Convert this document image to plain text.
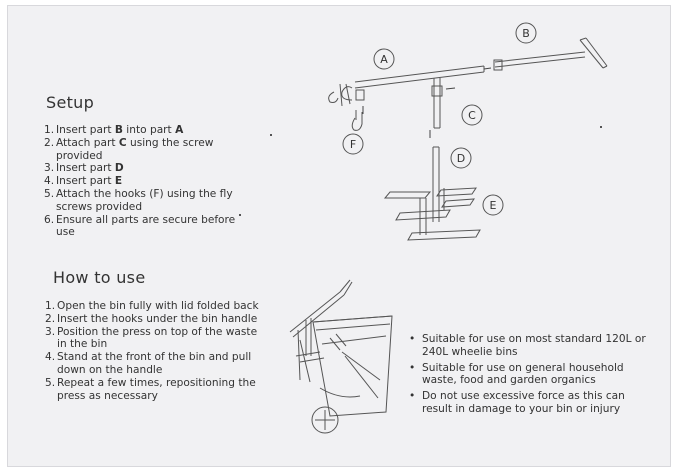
A
B
C
D
E
F
Setup
1. Insert part B into part A
2. Attach part C using the screw provided
3. Insert part D
4. Insert part E
5. Attach the hooks (F) using the fly screws provided
6. Ensure all parts are secure before use
How to use
1. Open the bin fully with lid folded back
2. Insert the hooks under the bin handle
3. Position the press on top of the waste in the bin
4. Stand at the front of the bin and pull down on the handle
5. Repeat a few times, repositioning the press as necessary
• Suitable for use on most standard 120L or 240L wheelie bins
• Suitable for use on general household waste, food and garden organics
• Do not use excessive force as this can result in damage to your bin or injury
